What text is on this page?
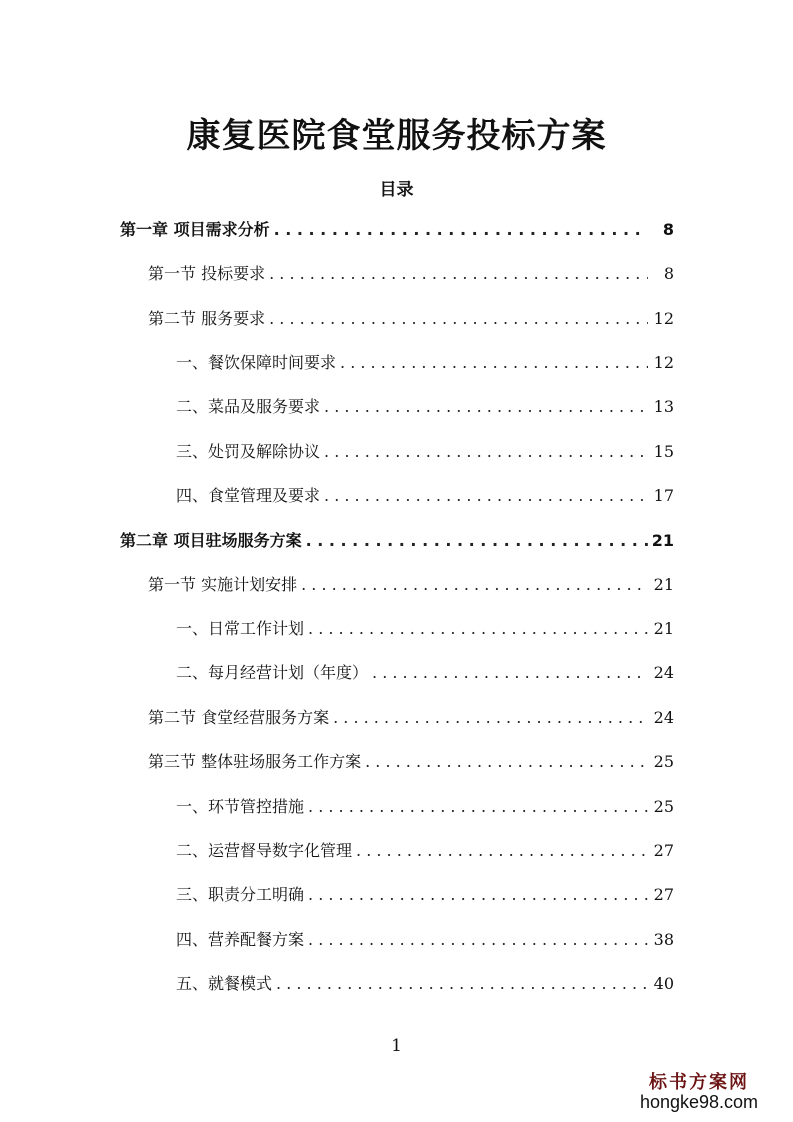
康复医院食堂服务投标方案
目录
第一章 项目需求分析 . . .	8
第一节 投标要求 . . .	8
第二节 服务要求 . . .	12
一、餐饮保障时间要求 . . .	12
二、菜品及服务要求 . . .	13
三、处罚及解除协议 . . .	15
四、食堂管理及要求 . . .	17
第二章 项目驻场服务方案 . . .	21
第一节 实施计划安排 . . .	21
一、日常工作计划 . . .	21
二、每月经营计划（年度） . . .	24
第二节 食堂经营服务方案 . . .	24
第三节 整体驻场服务工作方案 . . .	25
一、环节管控措施 . . .	25
二、运营督导数字化管理 . . .	27
三、职责分工明确 . . .	27
四、营养配餐方案 . . .	38
五、就餐模式 . . .	40

1

标书方案网
hongke98.com
